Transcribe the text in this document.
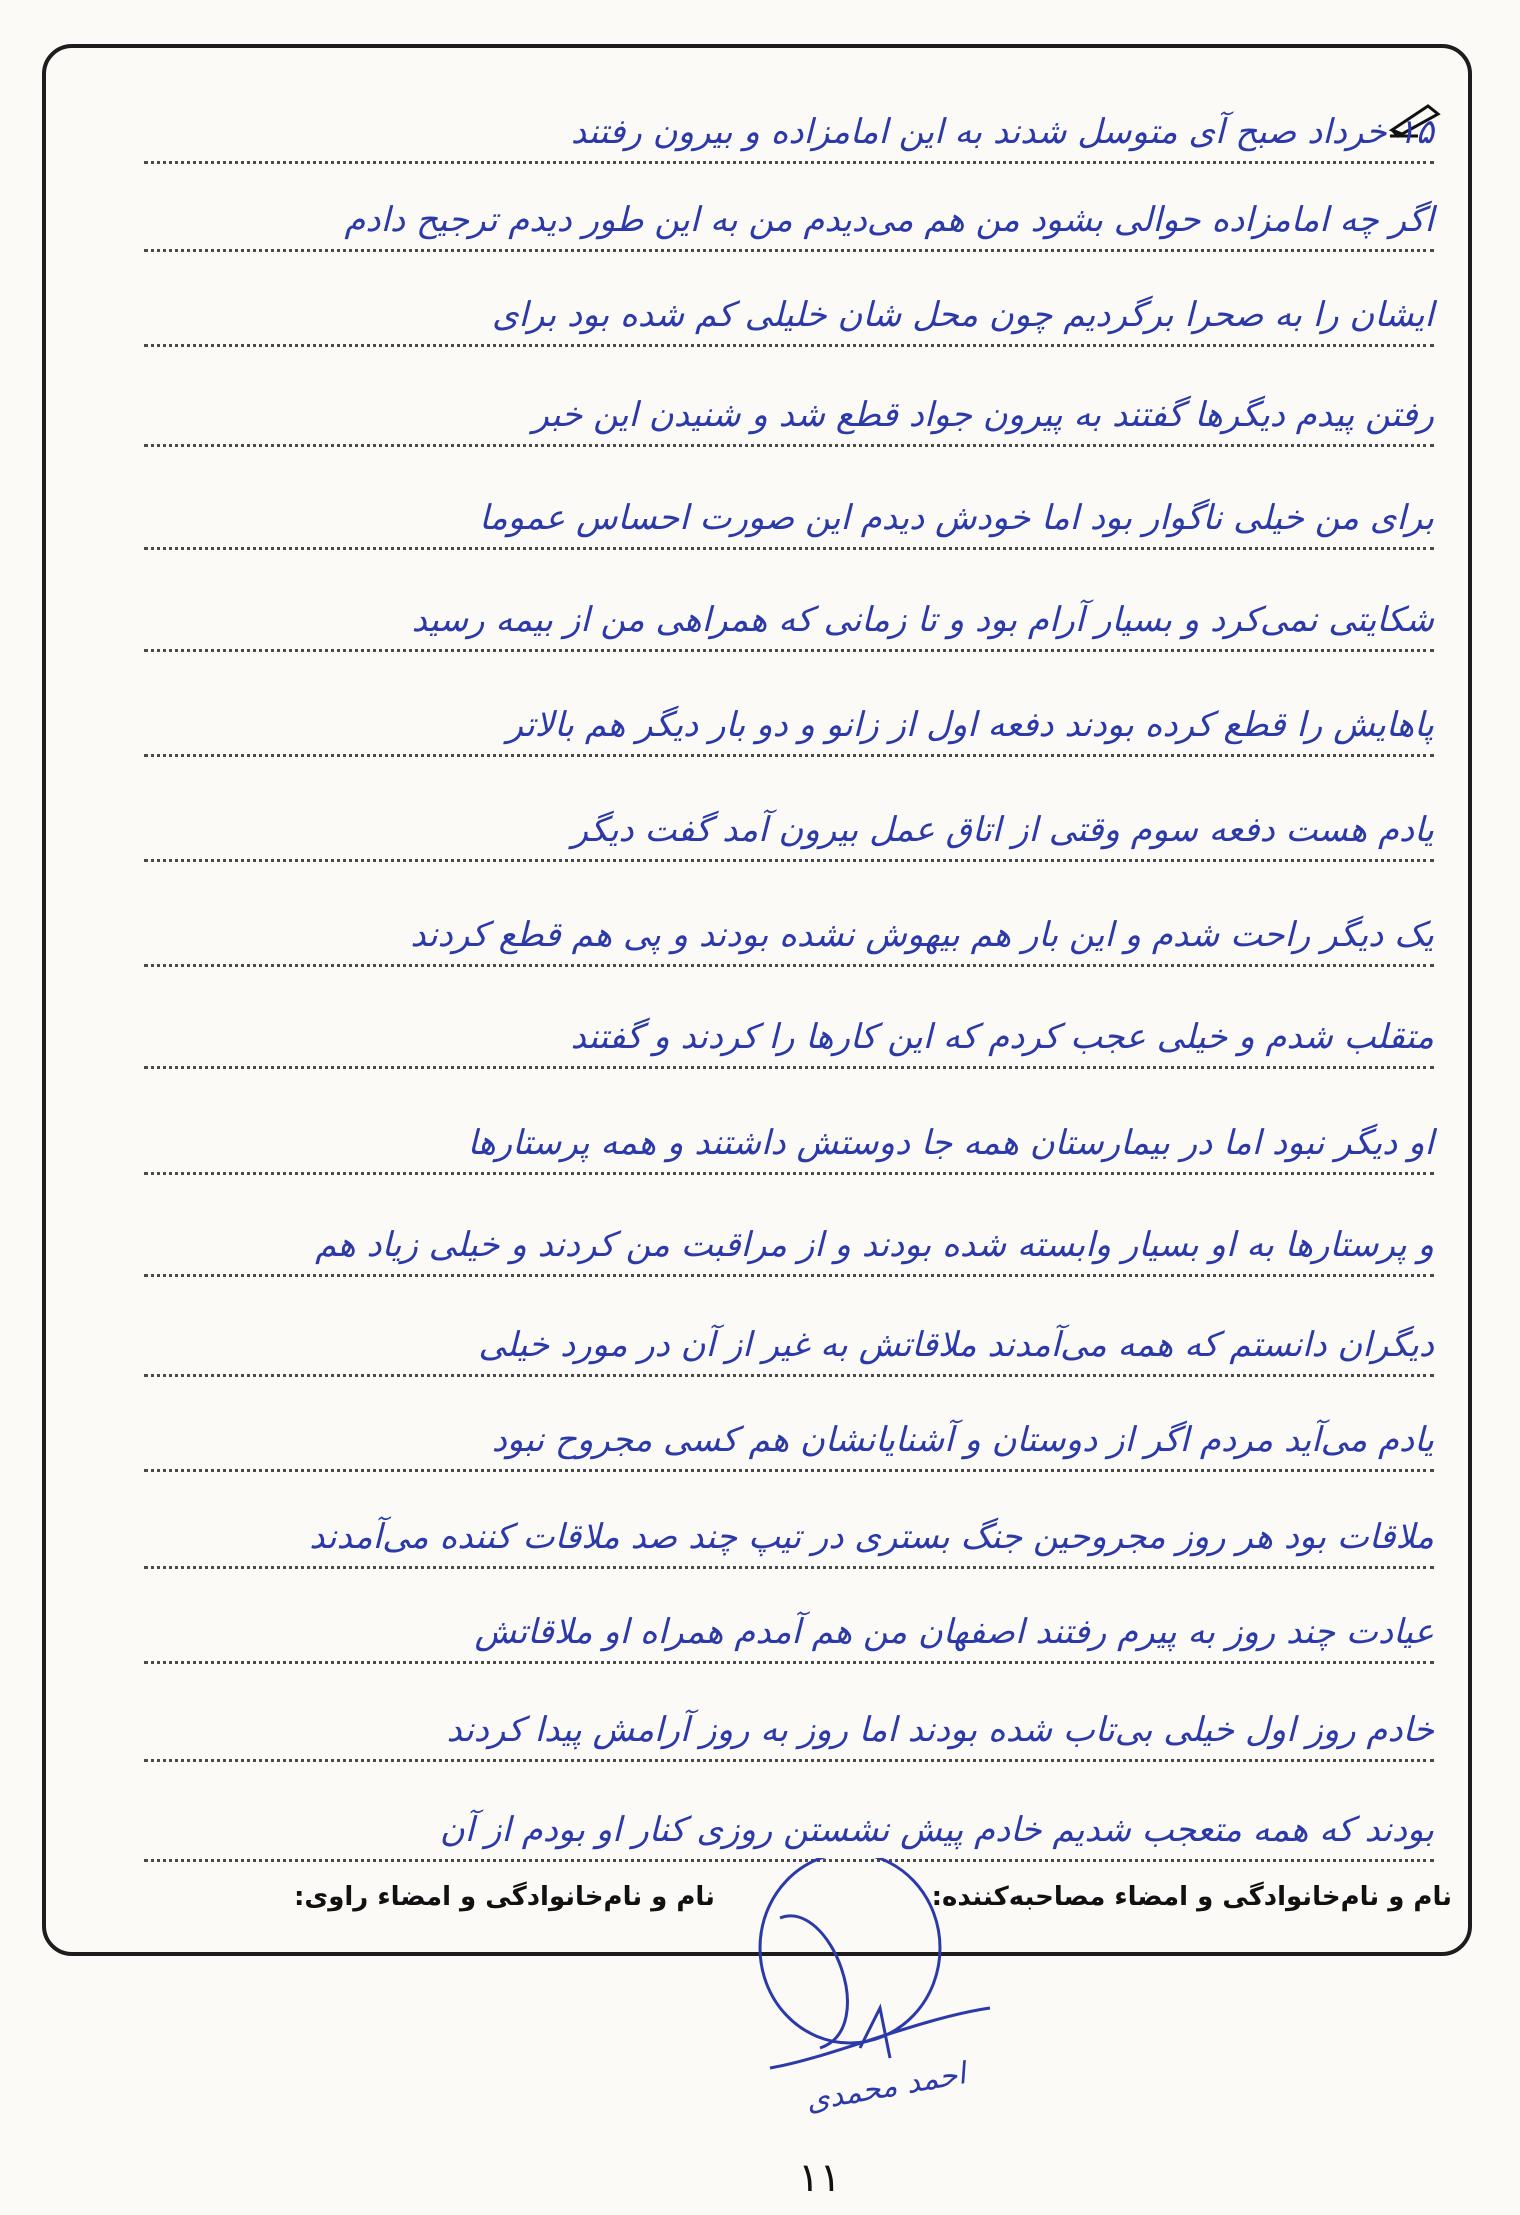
۱۵ خرداد صبح آی متوسل شدند به این امامزاده و بیرون رفتند
اگر چه امامزاده حوالی بشود من هم می‌دیدم من به این طور دیدم ترجیح دادم
ایشان را به صحرا برگردیم چون محل شان خلیلی کم شده بود برای
رفتن پیدم دیگرها گفتند به پیرون جواد قطع شد و شنیدن این خبر
برای من خیلی ناگوار بود اما خودش دیدم این صورت احساس عموما
شکایتی نمی‌کرد و بسیار آرام بود و تا زمانی که همراهی من از بیمه رسید
پاهایش را قطع کرده بودند دفعه اول از زانو و دو بار دیگر هم بالاتر
یادم هست دفعه سوم وقتی از اتاق عمل بیرون آمد گفت دیگر
یک دیگر راحت شدم و این بار هم بیهوش نشده بودند و پی هم قطع کردند
متقلب شدم و خیلی عجب کردم که این کارها را کردند و گفتند
او دیگر نبود اما در بیمارستان همه جا دوستش داشتند و همه پرستارها
و پرستارها به او بسیار وابسته شده بودند و از مراقبت من کردند و خیلی زیاد هم
دیگران دانستم که همه می‌آمدند ملاقاتش به غیر از آن در مورد خیلی
یادم می‌آید مردم اگر از دوستان و آشنایانشان هم کسی مجروح نبود
ملاقات بود هر روز مجروحین جنگ بستری در تیپ چند صد ملاقات کننده می‌آمدند
عیادت چند روز به پیرم رفتند اصفهان من هم آمدم همراه او ملاقاتش
خادم روز اول خیلی بی‌تاب شده بودند اما روز به روز آرامش پیدا کردند
بودند که همه متعجب شدیم خادم پیش نشستن روزی کنار او بودم از آن
نام و نام‌خانوادگی و امضاء مصاحبه‌کننده:
نام و نام‌خانوادگی و امضاء راوی:
احمد محمدی
۱۱
